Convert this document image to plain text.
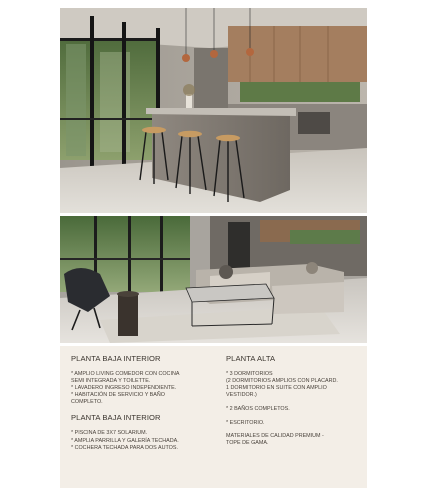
PLANTA BAJA INTERIOR
* AMPLIO LIVING COMEDOR CON COCINA
SEMI INTEGRADA Y TOILETTE.
* LAVADERO INGRESO INDEPENDIENTE.
* HABITACIÓN DE SERVICIO Y BAÑO
COMPLETO.
PLANTA BAJA INTERIOR
* PISCINA DE 3X7 SOLARIUM.
* AMPLIA PARRILLA Y GALERÍA TECHADA.
* COCHERA TECHADA PARA DOS AUTOS.
PLANTA ALTA
* 3 DORMITORIOS
(2 DORMITORIOS AMPLIOS CON PLACARD.
1 DORMITORIO EN SUITE CON AMPLIO
VESTIDOR.)
* 2 BAÑOS COMPLETOS.
* ESCRITORIO.
MATERIALES DE CALIDAD PREMIUM -
TOPE DE GAMA.
